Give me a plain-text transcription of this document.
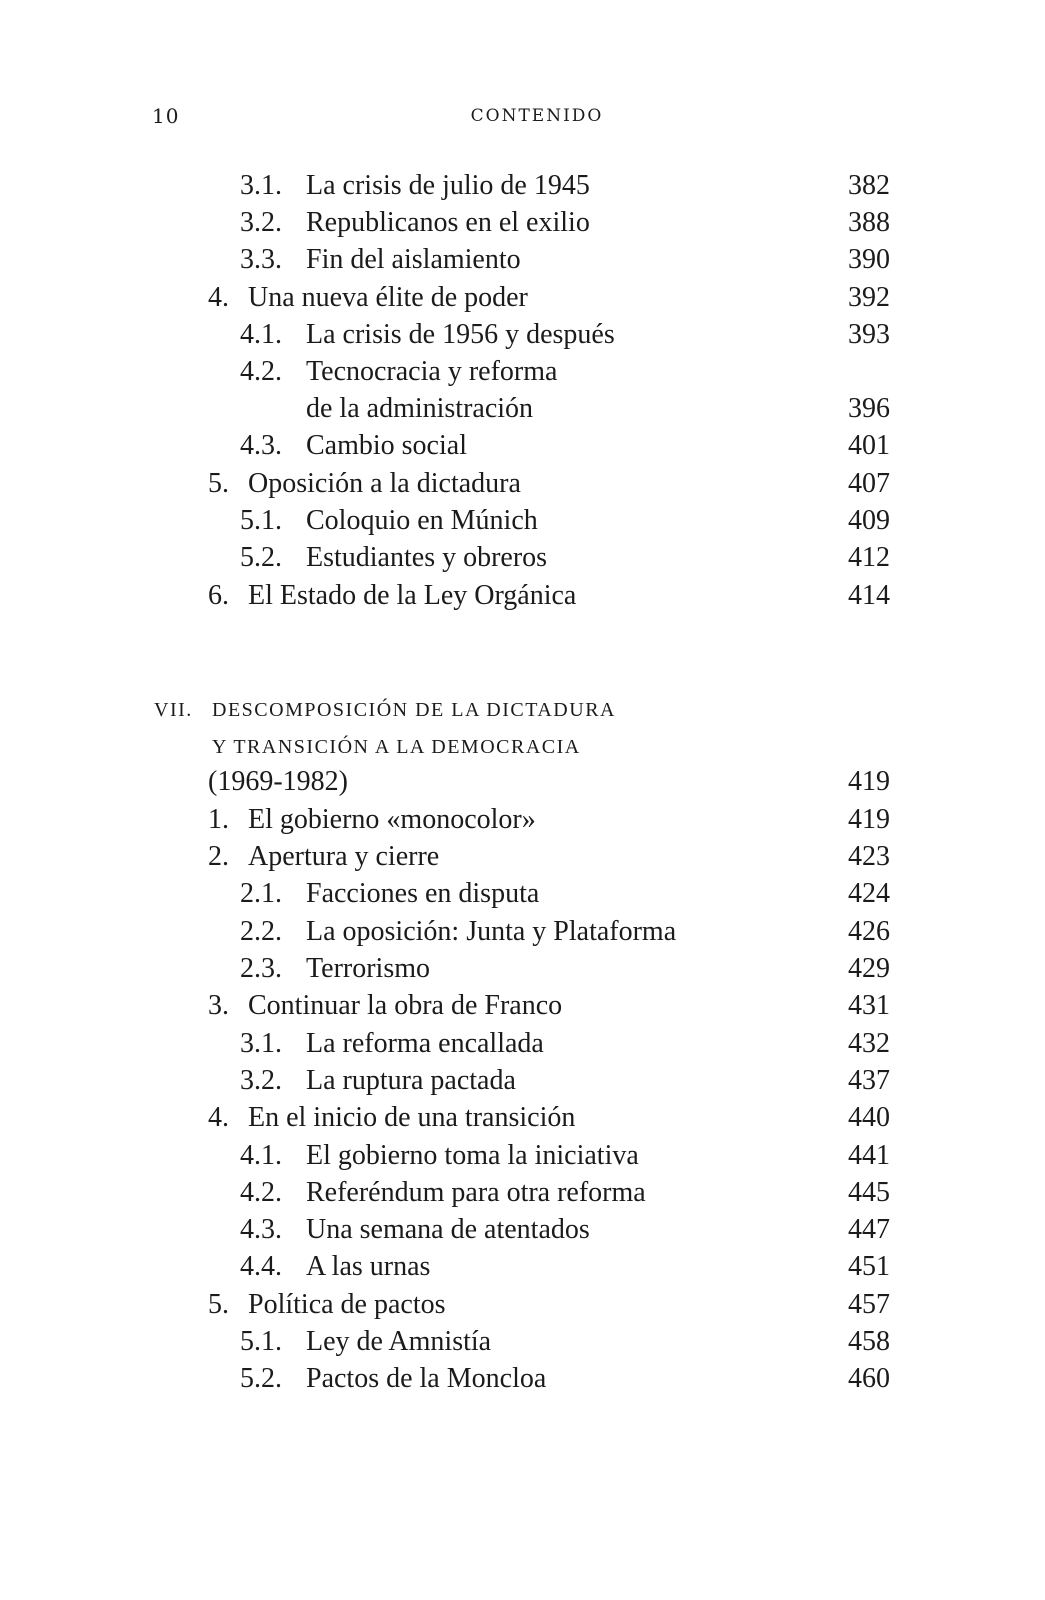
10	CONTENIDO
3.1. La crisis de julio de 1945	382
3.2. Republicanos en el exilio	388
3.3. Fin del aislamiento	390
4. Una nueva élite de poder	392
4.1. La crisis de 1956 y después	393
4.2. Tecnocracia y reforma
de la administración	396
4.3. Cambio social	401
5. Oposición a la dictadura	407
5.1. Coloquio en Múnich	409
5.2. Estudiantes y obreros	412
6. El Estado de la Ley Orgánica	414
VII. DESCOMPOSICIÓN DE LA DICTADURA
Y TRANSICIÓN A LA DEMOCRACIA
(1969-1982)	419
1. El gobierno «monocolor»	419
2. Apertura y cierre	423
2.1. Facciones en disputa	424
2.2. La oposición: Junta y Plataforma	426
2.3. Terrorismo	429
3. Continuar la obra de Franco	431
3.1. La reforma encallada	432
3.2. La ruptura pactada	437
4. En el inicio de una transición	440
4.1. El gobierno toma la iniciativa	441
4.2. Referéndum para otra reforma	445
4.3. Una semana de atentados	447
4.4. A las urnas	451
5. Política de pactos	457
5.1. Ley de Amnistía	458
5.2. Pactos de la Moncloa	460
